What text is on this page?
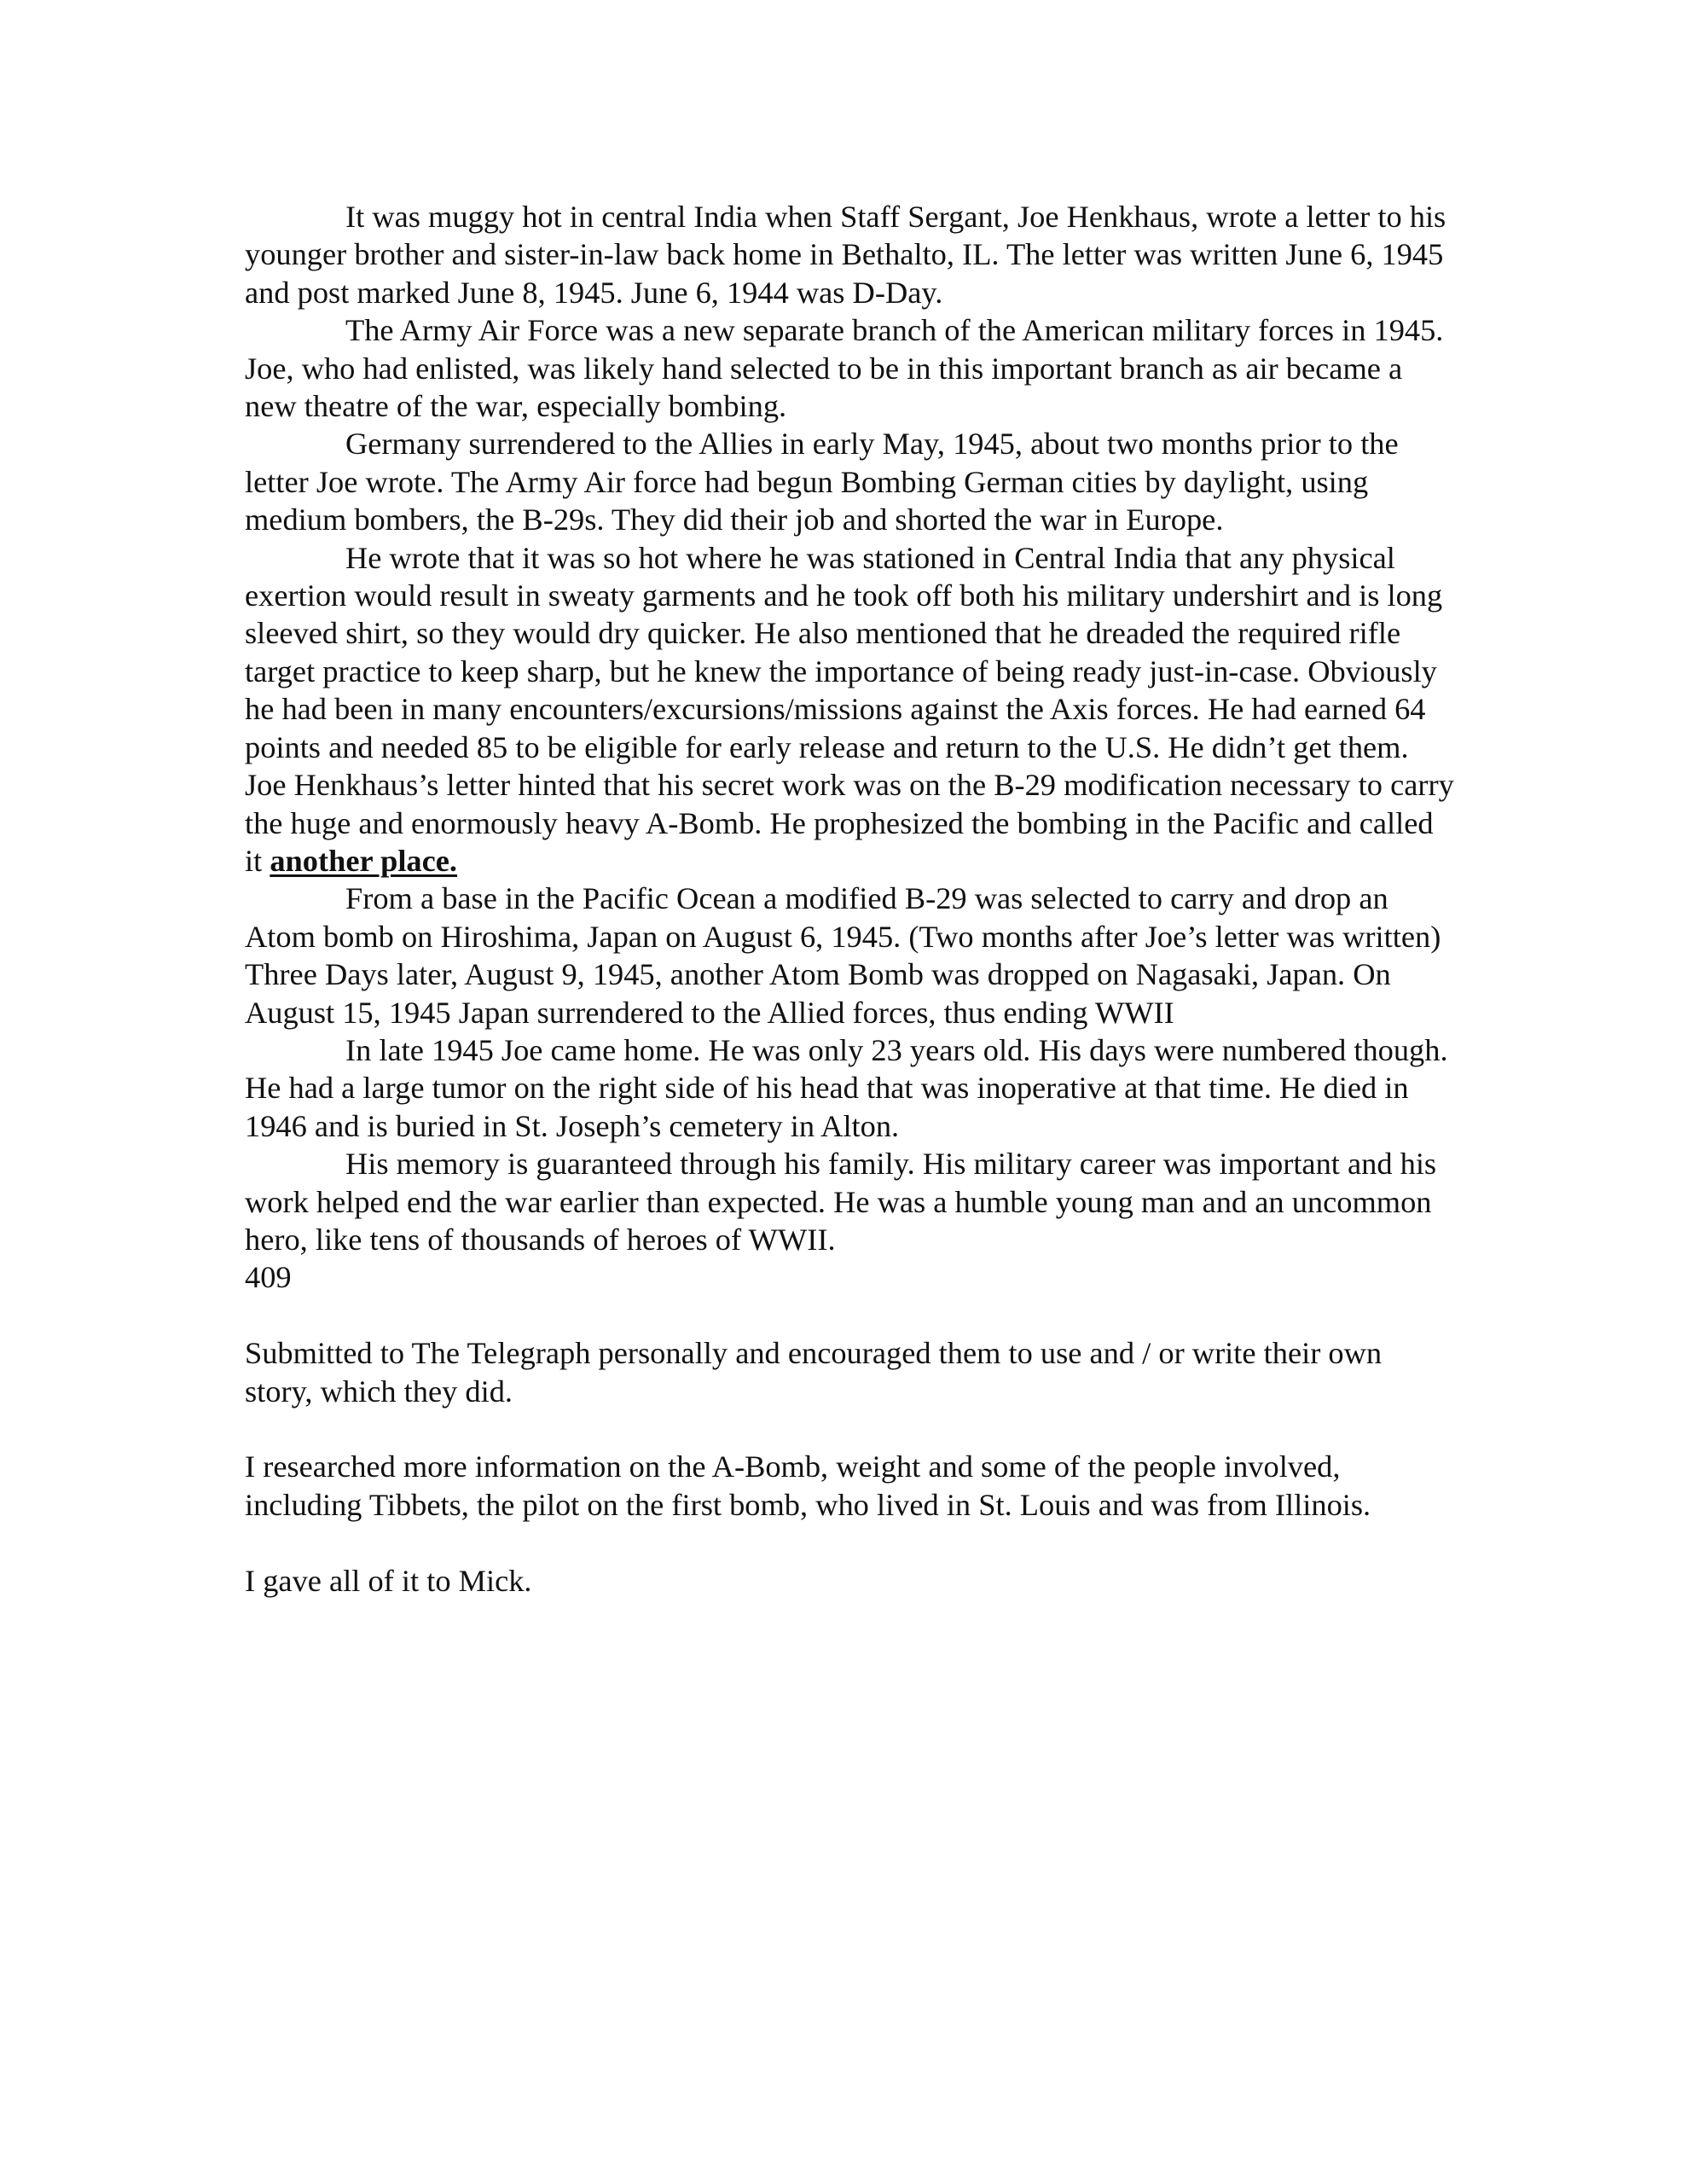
It was muggy hot in central India when Staff Sergant, Joe Henkhaus, wrote a letter to his younger brother and sister-in-law back home in Bethalto, IL. The letter was written June 6, 1945 and post marked June 8, 1945. June 6, 1944 was D-Day.

The Army Air Force was a new separate branch of the American military forces in 1945. Joe, who had enlisted, was likely hand selected to be in this important branch as air became a new theatre of the war, especially bombing.

Germany surrendered to the Allies in early May, 1945, about two months prior to the letter Joe wrote. The Army Air force had begun Bombing German cities by daylight, using medium bombers, the B-29s. They did their job and shorted the war in Europe.

He wrote that it was so hot where he was stationed in Central India that any physical exertion would result in sweaty garments and he took off both his military undershirt and is long sleeved shirt, so they would dry quicker. He also mentioned that he dreaded the required rifle target practice to keep sharp, but he knew the importance of being ready just-in-case. Obviously he had been in many encounters/excursions/missions against the Axis forces. He had earned 64 points and needed 85 to be eligible for early release and return to the U.S. He didn’t get them. Joe Henkhaus’s letter hinted that his secret work was on the B-29 modification necessary to carry the huge and enormously heavy A-Bomb. He prophesized the bombing in the Pacific and called it another place.

From a base in the Pacific Ocean a modified B-29 was selected to carry and drop an Atom bomb on Hiroshima, Japan on August 6, 1945. (Two months after Joe’s letter was written) Three Days later, August 9, 1945, another Atom Bomb was dropped on Nagasaki, Japan. On August 15, 1945 Japan surrendered to the Allied forces, thus ending WWII

In late 1945 Joe came home. He was only 23 years old. His days were numbered though. He had a large tumor on the right side of his head that was inoperative at that time. He died in 1946 and is buried in St. Joseph’s cemetery in Alton.

His memory is guaranteed through his family. His military career was important and his work helped end the war earlier than expected. He was a humble young man and an uncommon hero, like tens of thousands of heroes of WWII.

409

Submitted to The Telegraph personally and encouraged them to use and / or write their own story, which they did.

I researched more information on the A-Bomb, weight and some of the people involved, including Tibbets, the pilot on the first bomb, who lived in St. Louis and was from Illinois.

I gave all of it to Mick.
